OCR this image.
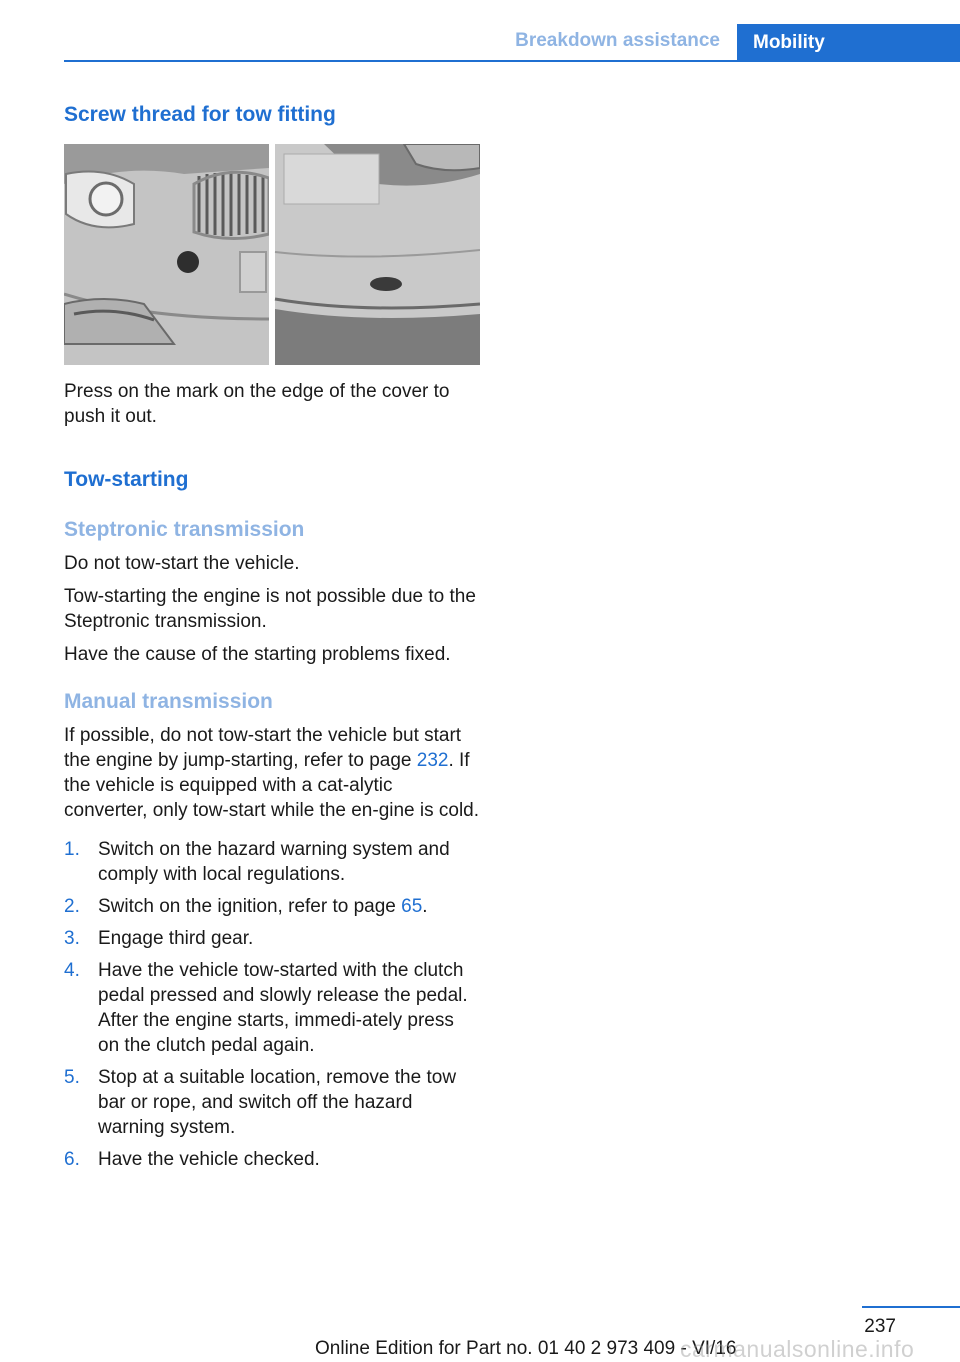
Breakdown assistance	Mobility
Screw thread for tow fitting

Press on the mark on the edge of the cover to push it out.

Tow-starting
Steptronic transmission

Do not tow-start the vehicle.

Tow-starting the engine is not possible due to the Steptronic transmission.

Have the cause of the starting problems fixed.

Manual transmission

If possible, do not tow-start the vehicle but start the engine by jump-starting, refer to page 232. If the vehicle is equipped with a cat‐alytic converter, only tow-start while the en‐gine is cold.

1. Switch on the hazard warning system and comply with local regulations.
2. Switch on the ignition, refer to page 65.
3. Engage third gear.
4. Have the vehicle tow-started with the clutch pedal pressed and slowly release the pedal. After the engine starts, immedi‐ately press on the clutch pedal again.
5. Stop at a suitable location, remove the tow bar or rope, and switch off the hazard warning system.
6. Have the vehicle checked.
237
Online Edition for Part no. 01 40 2 973 409 - VI/16
carmanualsonline.info
